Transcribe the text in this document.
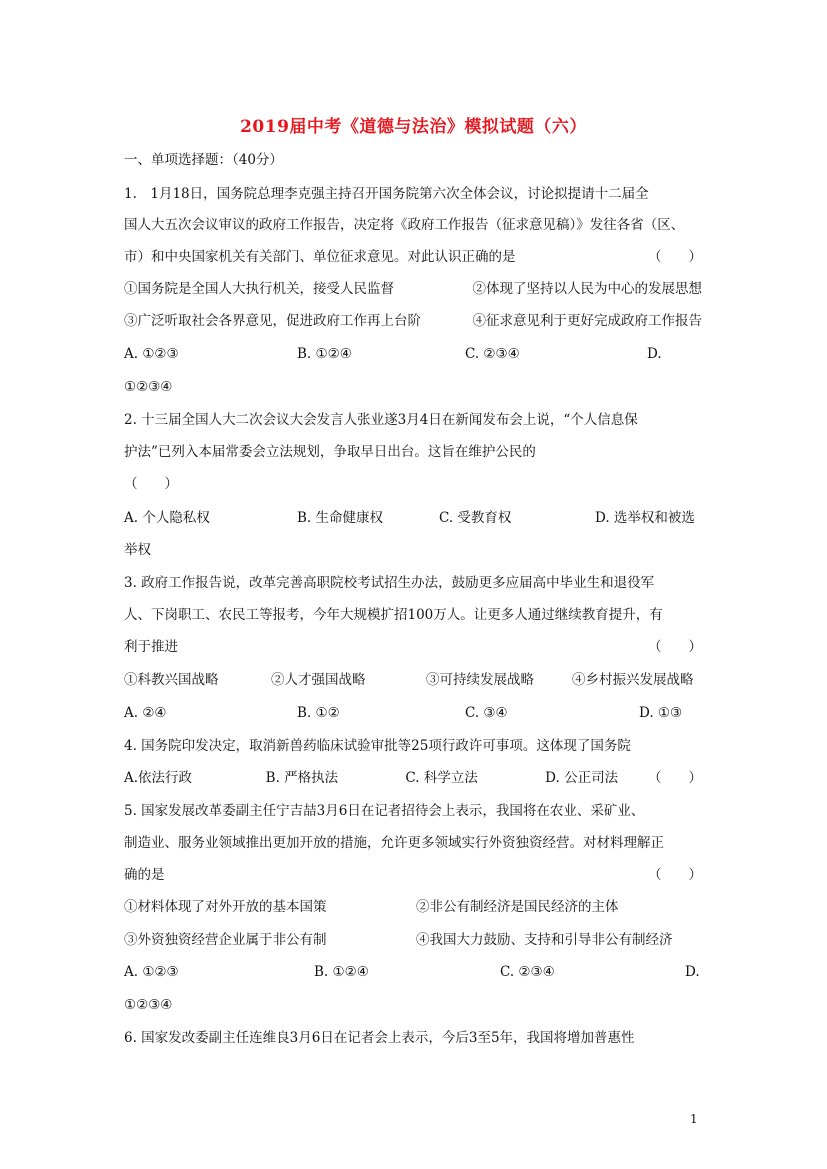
2019届中考《道德与法治》模拟试题（六）
一、单项选择题：（40分）
1.　1月18日，国务院总理李克强主持召开国务院第六次全体会议，讨论拟提请十二届全
国人大五次会议审议的政府工作报告，决定将《政府工作报告（征求意见稿）》发往各省（区、
市）和中央国家机关有关部门、单位征求意见。对此认识正确的是	（　　）
①国务院是全国人大执行机关，接受人民监督	②体现了坚持以人民为中心的发展思想
③广泛听取社会各界意见，促进政府工作再上台阶	④征求意见利于更好完成政府工作报告
A. ①②③	B. ①②④	C. ②③④	D.
①②③④
2. 十三届全国人大二次会议大会发言人张业遂3月4日在新闻发布会上说，“个人信息保
护法”已列入本届常委会立法规划，争取早日出台。这旨在维护公民的
（　　）
A. 个人隐私权	B. 生命健康权	C. 受教育权	D. 选举权和被选
举权
3. 政府工作报告说，改革完善高职院校考试招生办法，鼓励更多应届高中毕业生和退役军
人、下岗职工、农民工等报考，今年大规模扩招100万人。让更多人通过继续教育提升，有
利于推进	（　　）
①科教兴国战略	②人才强国战略	③可持续发展战略	④乡村振兴发展战略
A. ②④	B. ①②	C. ③④	D. ①③
4. 国务院印发决定，取消新兽药临床试验审批等25项行政许可事项。这体现了国务院
A.依法行政	B. 严格执法	C. 科学立法	D. 公正司法	（　　）
5. 国家发展改革委副主任宁吉喆3月6日在记者招待会上表示，我国将在农业、采矿业、
制造业、服务业领域推出更加开放的措施，允许更多领域实行外资独资经营。对材料理解正
确的是	（　　）
①材料体现了对外开放的基本国策	②非公有制经济是国民经济的主体
③外资独资经营企业属于非公有制	④我国大力鼓励、支持和引导非公有制经济
A. ①②③	B. ①②④	C. ②③④	D.
①②③④
6. 国家发改委副主任连维良3月6日在记者会上表示，今后3至5年，我国将增加普惠性
1
